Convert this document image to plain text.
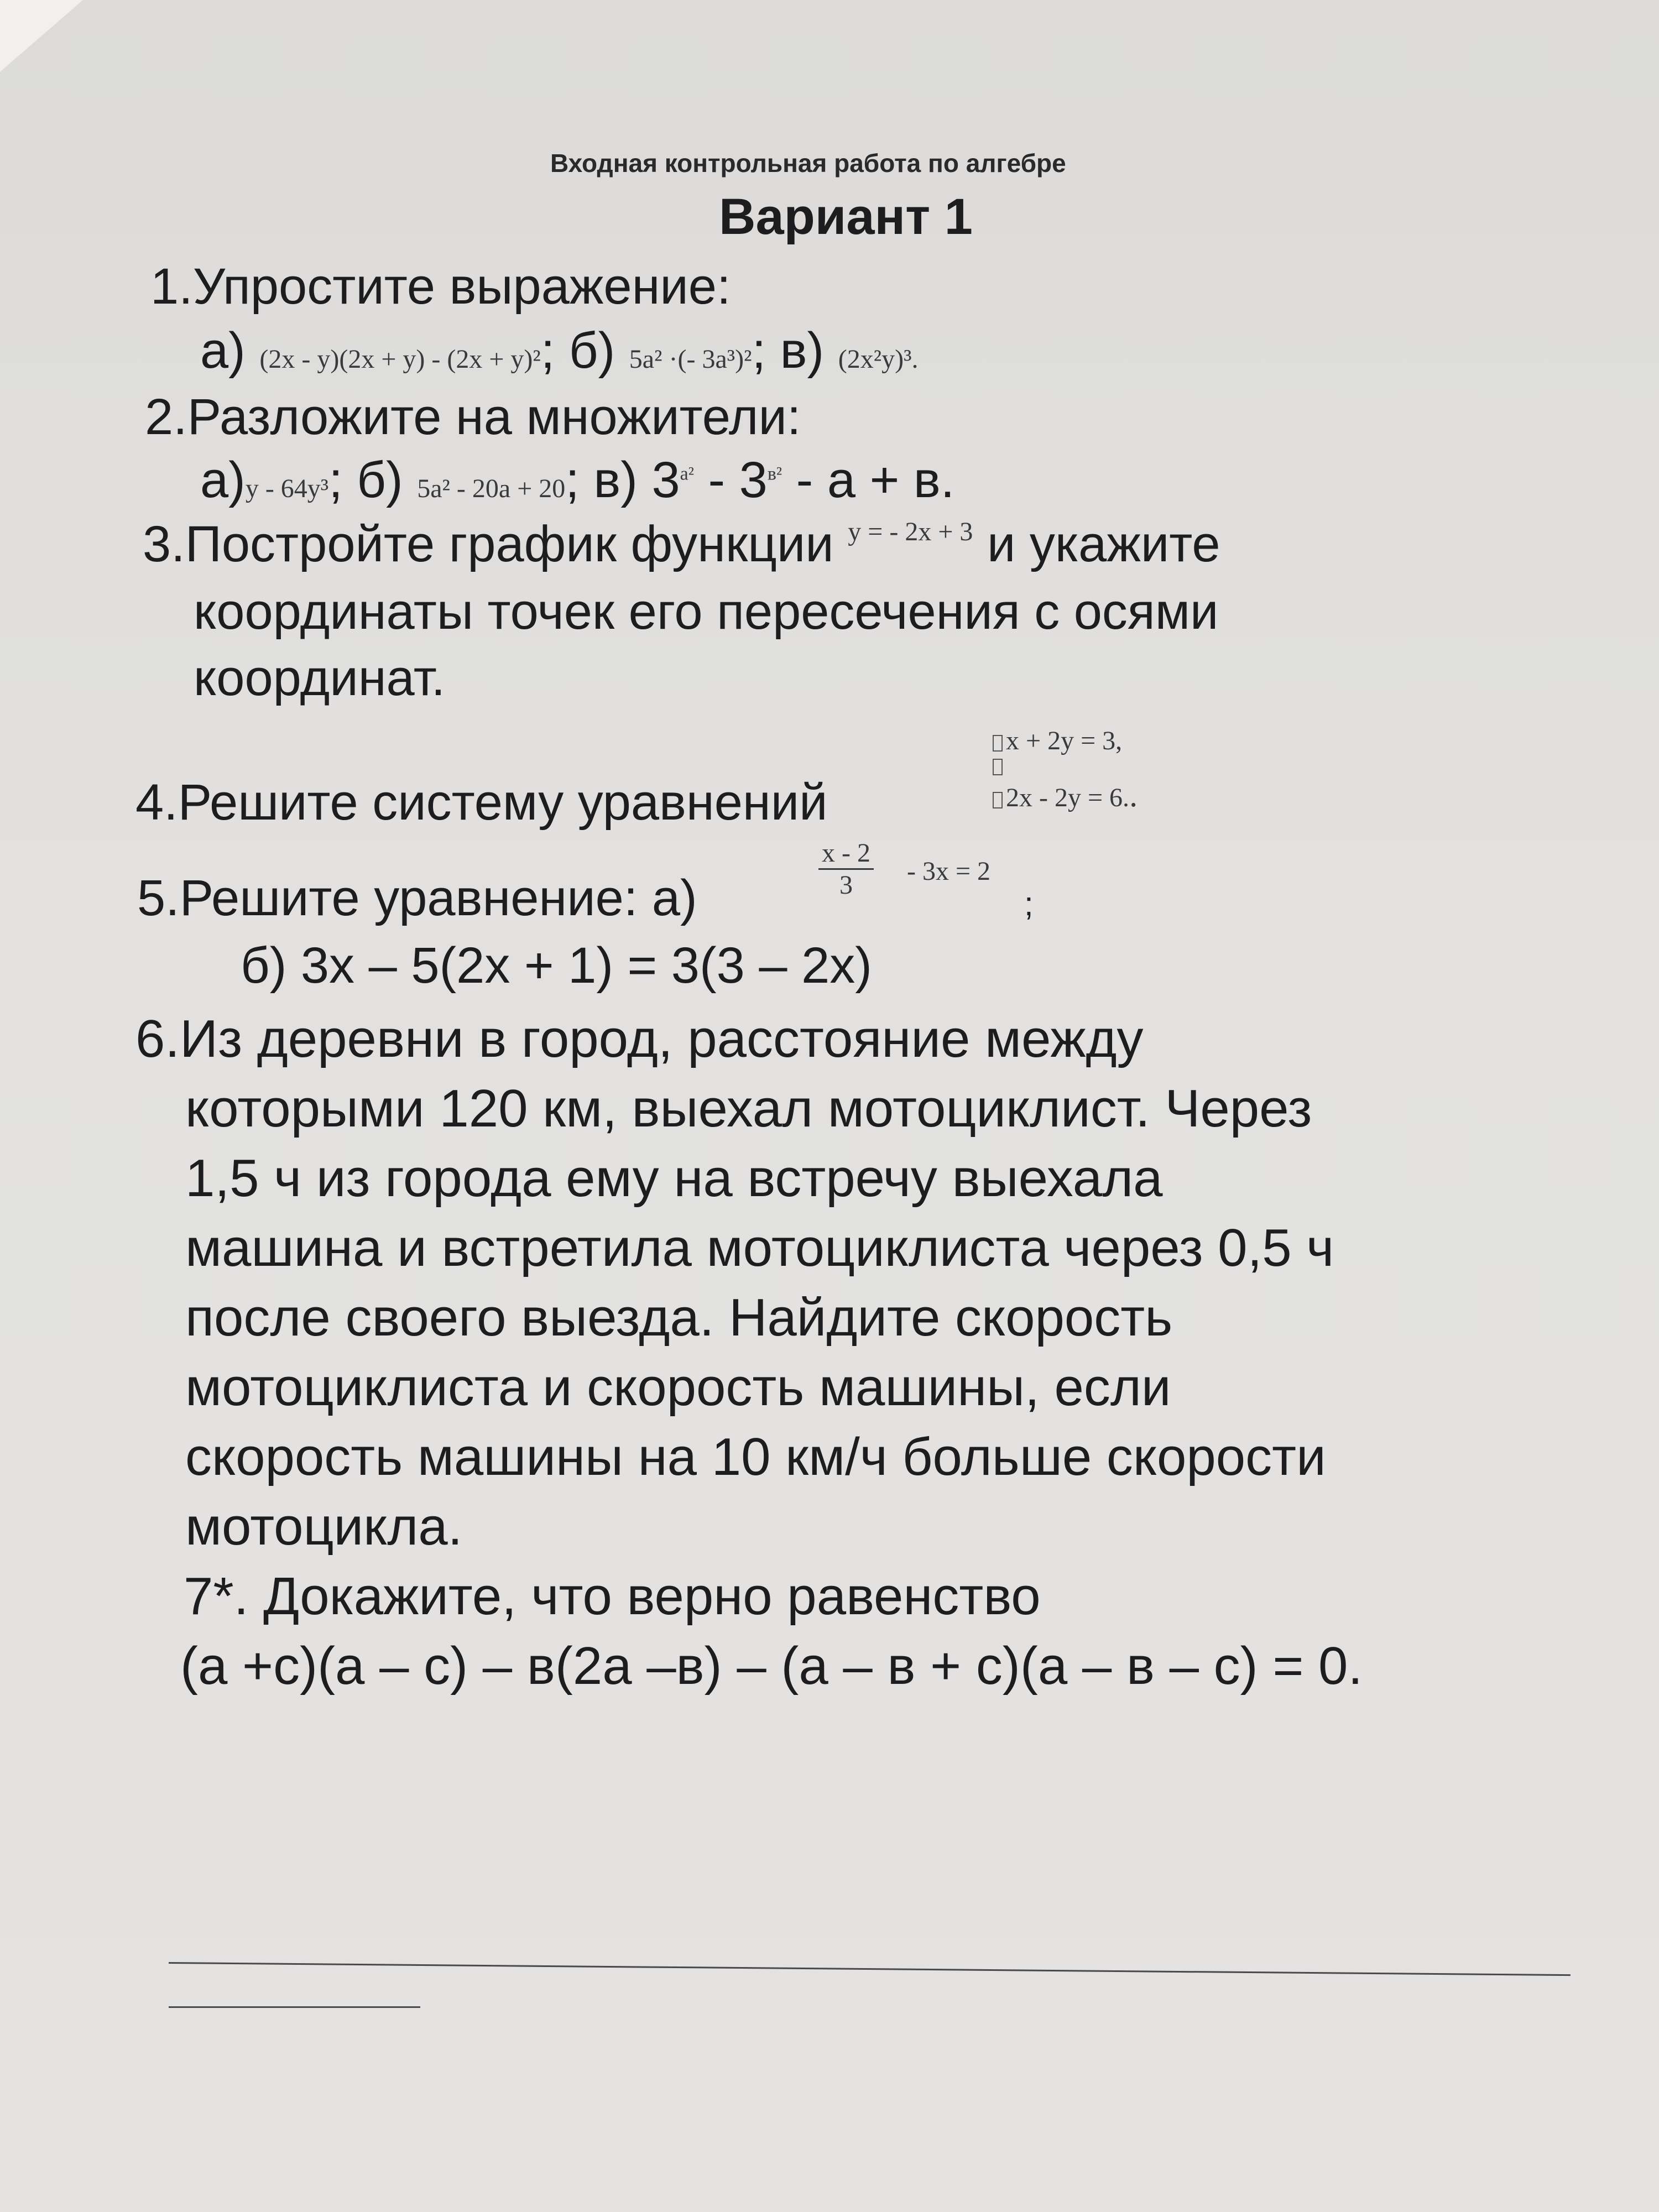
Входная контрольная работа по алгебре
Вариант 1
1.Упростите выражение:
а) (2x - y)(2x + y) - (2x + y)²; б) 5a² ·(- 3a³)²; в) (2x²y)³.
2.Разложите на множители:
а)y - 64y³; б) 5a² - 20a + 20; в) $3^{a^2} - 3^{в^2} - а + в$.
3.Постройте график функции $^{y = - 2x + 3}$ и укажите
координаты точек его пересечения с осями
координат.
x + 2y = 3,
2x - 2y = 6..
4.Решите систему уравнений
5.Решите уравнение: а)	$\frac{x - 2}{3} - 3x = 2$
;
б) 3х – 5(2х + 1) = 3(3 – 2х)
6.Из деревни в город, расстояние между
которыми 120 км, выехал мотоциклист. Через
1,5 ч из города ему на встречу выехала
машина и встретила мотоциклиста через 0,5 ч
после своего выезда. Найдите скорость
мотоциклиста и скорость машины, если
скорость машины на 10 км/ч больше скорости
мотоцикла.
7*. Докажите, что верно равенство
(а +с)(а – с) – в(2а –в) – (а – в + с)(а – в – с) = 0.
